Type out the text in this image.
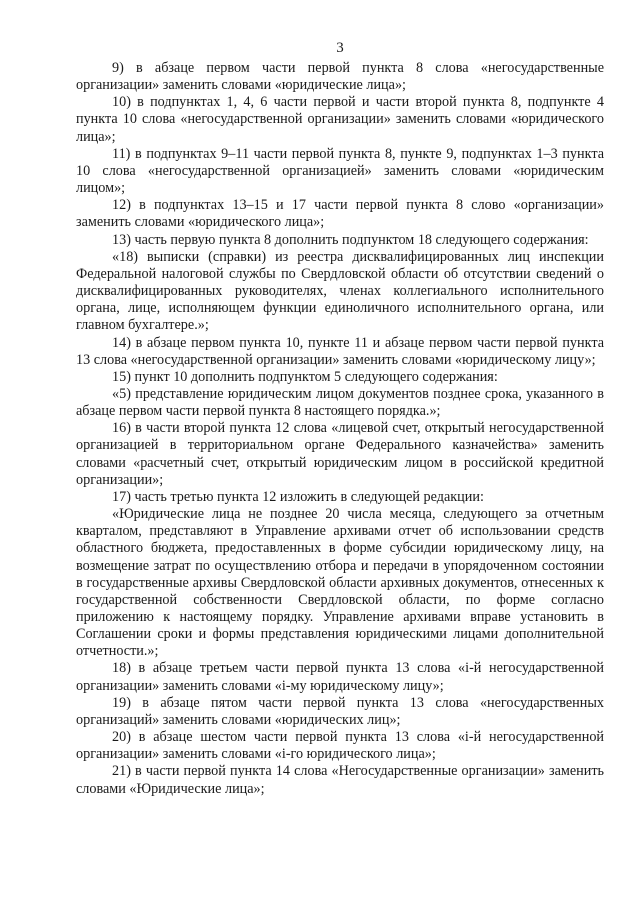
3

9) в абзаце первом части первой пункта 8 слова «негосударственные организации» заменить словами «юридические лица»;

10) в подпунктах 1, 4, 6 части первой и части второй пункта 8, подпункте 4 пункта 10 слова «негосударственной организации» заменить словами «юридического лица»;

11) в подпунктах 9–11 части первой пункта 8, пункте 9, подпунктах 1–3 пункта 10 слова «негосударственной организацией» заменить словами «юридическим лицом»;

12) в подпунктах 13–15 и 17 части первой пункта 8 слово «организации» заменить словами «юридического лица»;

13) часть первую пункта 8 дополнить подпунктом 18 следующего содержания:

«18) выписки (справки) из реестра дисквалифицированных лиц инспекции Федеральной налоговой службы по Свердловской области об отсутствии сведений о дисквалифицированных руководителях, членах коллегиального исполнительного органа, лице, исполняющем функции единоличного исполнительного органа, или главном бухгалтере.»;

14) в абзаце первом пункта 10, пункте 11 и абзаце первом части первой пункта 13 слова «негосударственной организации» заменить словами «юридическому лицу»;

15) пункт 10 дополнить подпунктом 5 следующего содержания:

«5) представление юридическим лицом документов позднее срока, указанного в абзаце первом части первой пункта 8 настоящего порядка.»;

16) в части второй пункта 12 слова «лицевой счет, открытый негосударственной организацией в территориальном органе Федерального казначейства» заменить словами «расчетный счет, открытый юридическим лицом в российской кредитной организации»;

17) часть третью пункта 12 изложить в следующей редакции:

«Юридические лица не позднее 20 числа месяца, следующего за отчетным кварталом, представляют в Управление архивами отчет об использовании средств областного бюджета, предоставленных в форме субсидии юридическому лицу, на возмещение затрат по осуществлению отбора и передачи в упорядоченном состоянии в государственные архивы Свердловской области архивных документов, отнесенных к государственной собственности Свердловской области, по форме согласно приложению к настоящему порядку. Управление архивами вправе установить в Соглашении сроки и формы представления юридическими лицами дополнительной отчетности.»;

18) в абзаце третьем части первой пункта 13 слова «i-й негосударственной организации» заменить словами «i-му юридическому лицу»;

19) в абзаце пятом части первой пункта 13 слова «негосударственных организаций» заменить словами «юридических лиц»;

20) в абзаце шестом части первой пункта 13 слова «i-й негосударственной организации» заменить словами «i-го юридического лица»;

21) в части первой пункта 14 слова «Негосударственные организации» заменить словами «Юридические лица»;
